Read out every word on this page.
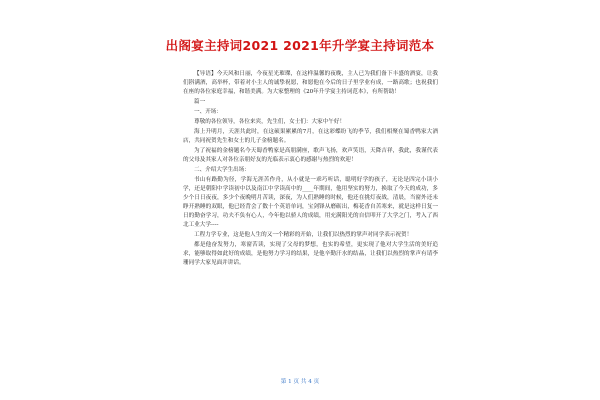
出阁宴主持词2021 2021年升学宴主持词范本

【导语】今天风和日丽，今夜星光璀璨，在这样温馨的夜晚，主人已为我们备下丰盛的酒宴，让我们斟满酒，高举杯，带着对小主人的诚挚祝愿，和愿他在今后的日子里学业有成，一路高歌；也祝我们在座的各位家庭幸福，和谐美满。为大家整理的《20年升学宴主持词范本》，有所帮助！

篇一

一、开场：

尊敬的各位领导，各位来宾，先生们，女士们：大家中午好！

海上升明月，天涯共此时，在这硕果累累的7月，在这彩蝶纷飞的季节，我们相聚在蜀香鸭家大酒店，共同祝贺先生和女士的儿子金榜题名。

为了祝福的金榜题名今天蜀香鸭家是高朋满座，歌声飞扬，欢声笑语，天降吉祥，我此，我谨代表的父母及其家人对各位亲朋好友的光临表示衷心的感谢与热烈的欢迎！

二、介绍大学生出场：

书山有路勤为径，学海无涯苦作舟，从小就是一乖巧听话，聪明好学的孩子，无论是四完小读小学，还是朝阳中学读初中以及南江中学读高中的____年期间，他用坚实的努力，换取了今天的成功，多少个日日夜夜，多少个夜晚明月苦读，深夜，为人们熟睡的时候，他还在挑灯夜战，清晨，当窗外还未睁开熟睡的双眼，他已经背会了数十个英语单词，宝剑锋从磨砺出，梅花香自苦寒来，就是这样日复一日的勤奋学习，功夫不负有心人，今年他以骄人的成绩，用充满阳光的自信叩开了大学之门，考入了西北工业大学----

工程力学专业，这是他人生的又一个精彩的开始，让我们以热烈的掌声对同学表示祝贺！

都是他奋发努力，寒窗苦读，实现了父母的梦想，也实的希望，更实现了他对大学生活的美好追求，能够取得如此好的成绩，是他努力学习的结果，是他辛勤汗水的结晶，让我们以热烈的掌声有请李珊同学大家见面并讲话。

第 1 页 共 4 页
